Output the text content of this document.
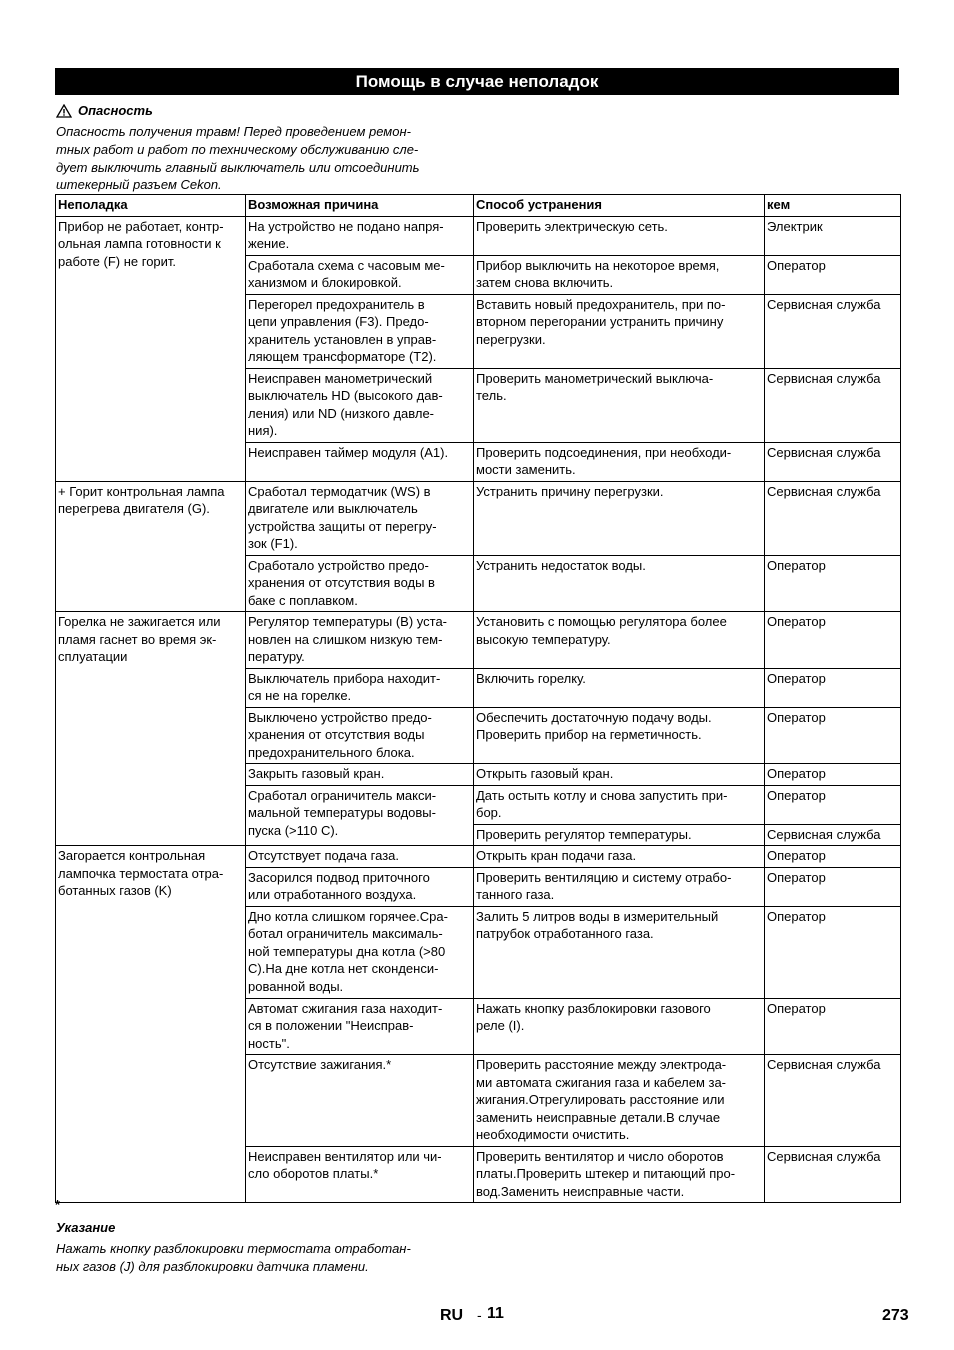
Помощь в случае неполадок
Опасность
Опасность получения травм! Перед проведением ремон-
тных работ и работ по техническому обслуживанию сле-
дует выключить главный выключатель или отсоединить
штекерный разъем Cekon.
Неполадка	Возможная причина	Способ устранения	кем
Прибор не работает, контр-
ольная лампа готовности к
работе (F) не горит.	На устройство не подано напря-
жение.	Проверить электрическую сеть.	Электрик
	Сработала схема с часовым ме-
ханизмом и блокировкой.	Прибор выключить на некоторое время,
затем снова включить.	Оператор
	Перегорел предохранитель в
цепи управления (F3). Предо-
хранитель установлен в управ-
ляющем трансформаторе (T2).	Вставить новый предохранитель, при по-
вторном перегорании устранить причину
перегрузки.	Сервисная служба
	Неисправен манометрический
выключатель HD (высокого дав-
ления) или ND (низкого давле-
ния).	Проверить манометрический выключа-
тель.	Сервисная служба
	Неисправен таймер модуля (A1).	Проверить подсоединения, при необходи-
мости заменить.	Сервисная служба
+ Горит контрольная лампа
перегрева двигателя (G).	Сработал термодатчик (WS) в
двигателе или выключатель
устройства защиты от перегру-
зок (F1).	Устранить причину перегрузки.	Сервисная служба
	Сработало устройство предо-
хранения от отсутствия воды в
баке с поплавком.	Устранить недостаток воды.	Оператор
Горелка не зажигается или
пламя гаснет во время эк-
сплуатации	Регулятор температуры (B) уста-
новлен на слишком низкую тем-
пературу.	Установить с помощью регулятора более
высокую температуру.	Оператор
	Выключатель прибора находит-
ся не на горелке.	Включить горелку.	Оператор
	Выключено устройство предо-
хранения от отсутствия воды
предохранительного блока.	Обеспечить достаточную подачу воды.
Проверить прибор на герметичность.	Оператор
	Закрыть газовый кран.	Открыть газовый кран.	Оператор
	Сработал ограничитель макси-
мальной температуры водовы-
пуска (>110 C).	Дать остыть котлу и снова запустить при-
бор.	Оператор
		Проверить регулятор температуры.	Сервисная служба
Загорается контрольная
лампочка термостата отра-
ботанных газов (K)	Отсутствует подача газа.	Открыть кран подачи газа.	Оператор
	Засорился подвод приточного
или отработанного воздуха.	Проверить вентиляцию и систему отрабо-
танного газа.	Оператор
	Дно котла слишком горячее.Сра-
ботал ограничитель максималь-
ной температуры дна котла (>80
C).На дне котла нет сконденси-
рованной воды.	Залить 5 литров воды в измерительный
патрубок отработанного газа.	Оператор
	Автомат сжигания газа находит-
ся в положении "Неисправ-
ность".	Нажать кнопку разблокировки газового
реле (I).	Оператор
	Отсутствие зажигания.*	Проверить расстояние между электрода-
ми автомата сжигания газа и кабелем за-
жигания.Отрегулировать расстояние или
заменить неисправные детали.В случае
необходимости очистить.	Сервисная служба
	Неисправен вентилятор или чи-
сло оборотов платы.*	Проверить вентилятор и число оборотов
платы.Проверить штекер и питающий про-
вод.Заменить неисправные части.	Сервисная служба
*
Указание
Нажать кнопку разблокировки термостата отработан-
ных газов (J) для разблокировки датчика пламени.
RU - 11	273
